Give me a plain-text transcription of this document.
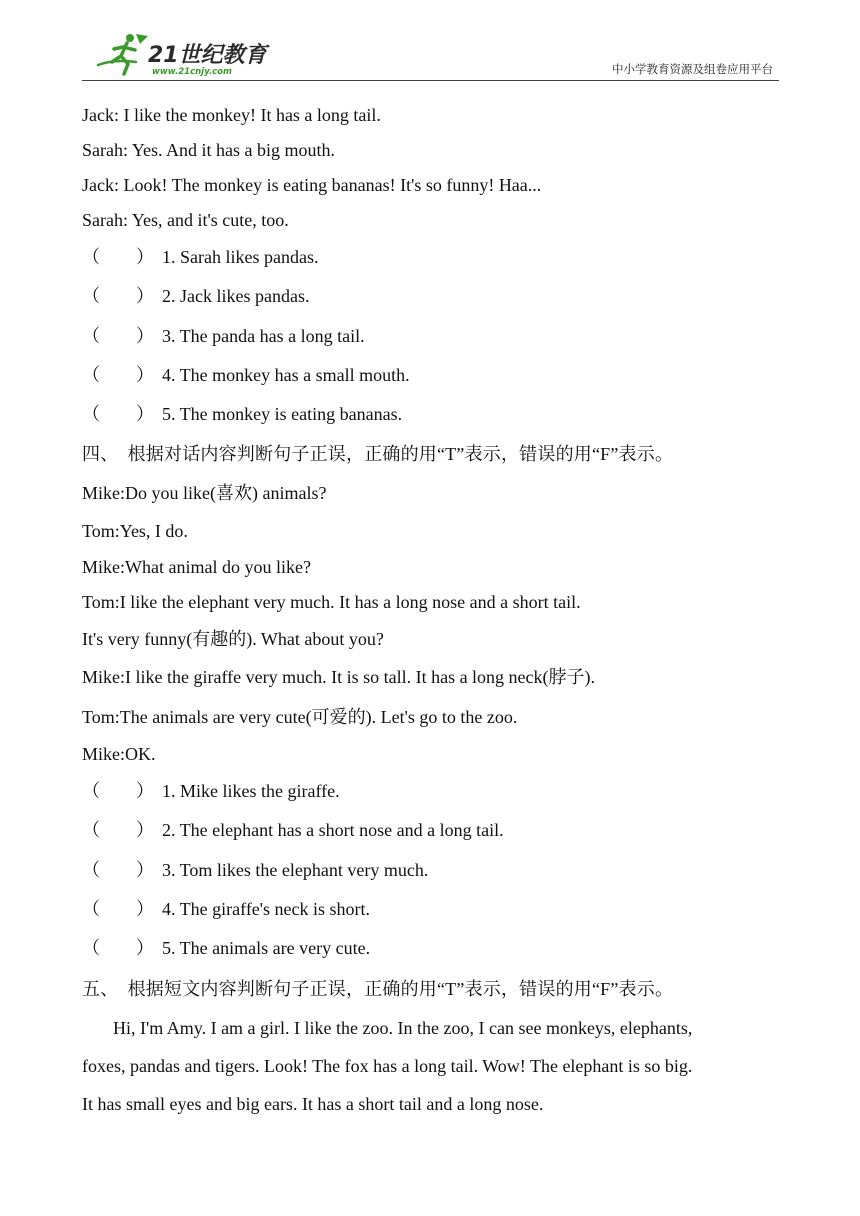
21世纪教育
www.21cnjy.com	中小学教育资源及组卷应用平台
Jack: I like the monkey! It has a long tail.
Sarah: Yes. And it has a big mouth.
Jack: Look! The monkey is eating bananas! It's so funny! Haa...
Sarah: Yes, and it's cute, too.
（　　） 1. Sarah likes pandas.
（　　） 2. Jack likes pandas.
（　　） 3. The panda has a long tail.
（　　） 4. The monkey has a small mouth.
（　　） 5. The monkey is eating bananas.
四、　根据对话内容判断句子正误，正确的用“T”表示，错误的用“F”表示。
Mike:Do you like(喜欢) animals?
Tom:Yes, I do.
Mike:What animal do you like?
Tom:I like the elephant very much. It has a long nose and a short tail.
It's very funny(有趣的). What about you?
Mike:I like the giraffe very much. It is so tall. It has a long neck(脖子).
Tom:The animals are very cute(可爱的). Let's go to the zoo.
Mike:OK.
（　　） 1. Mike likes the giraffe.
（　　） 2. The elephant has a short nose and a long tail.
（　　） 3. Tom likes the elephant very much.
（　　） 4. The giraffe's neck is short.
（　　） 5. The animals are very cute.
五、　根据短文内容判断句子正误，正确的用“T”表示，错误的用“F”表示。
Hi, I'm Amy. I am a girl. I like the zoo. In the zoo, I can see monkeys, elephants,
foxes, pandas and tigers. Look! The fox has a long tail. Wow! The elephant is so big.
It has small eyes and big ears. It has a short tail and a long nose.
